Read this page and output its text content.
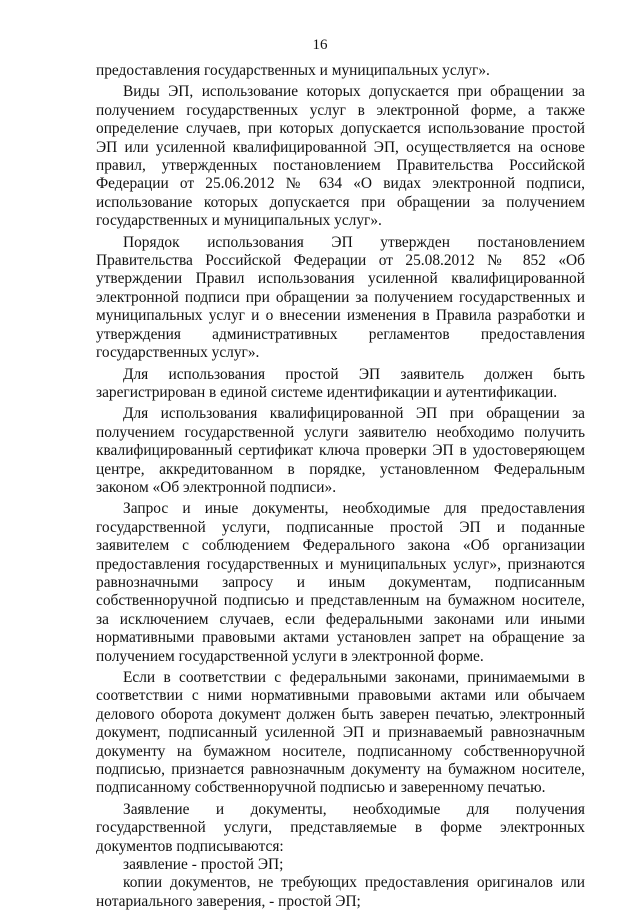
16

предоставления государственных и муниципальных услуг».

Виды ЭП, использование которых допускается при обращении за получением государственных услуг в электронной форме, а также определение случаев, при которых допускается использование простой ЭП или усиленной квалифицированной ЭП, осуществляется на основе правил, утвержденных постановлением Правительства Российской Федерации от 25.06.2012 № 634 «О видах электронной подписи, использование которых допускается при обращении за получением государственных и муниципальных услуг».

Порядок использования ЭП утвержден постановлением Правительства Российской Федерации от 25.08.2012 № 852 «Об утверждении Правил использования усиленной квалифицированной электронной подписи при обращении за получением государственных и муниципальных услуг и о внесении изменения в Правила разработки и утверждения административных регламентов предоставления государственных услуг».

Для использования простой ЭП заявитель должен быть зарегистрирован в единой системе идентификации и аутентификации.

Для использования квалифицированной ЭП при обращении за получением государственной услуги заявителю необходимо получить квалифицированный сертификат ключа проверки ЭП в удостоверяющем центре, аккредитованном в порядке, установленном Федеральным законом «Об электронной подписи».

Запрос и иные документы, необходимые для предоставления государственной услуги, подписанные простой ЭП и поданные заявителем с соблюдением Федерального закона «Об организации предоставления государственных и муниципальных услуг», признаются равнозначными запросу и иным документам, подписанным собственноручной подписью и представленным на бумажном носителе, за исключением случаев, если федеральными законами или иными нормативными правовыми актами установлен запрет на обращение за получением государственной услуги в электронной форме.

Если в соответствии с федеральными законами, принимаемыми в соответствии с ними нормативными правовыми актами или обычаем делового оборота документ должен быть заверен печатью, электронный документ, подписанный усиленной ЭП и признаваемый равнозначным документу на бумажном носителе, подписанному собственноручной подписью, признается равнозначным документу на бумажном носителе, подписанному собственноручной подписью и заверенному печатью.

Заявление и документы, необходимые для получения государственной услуги, представляемые в форме электронных документов подписываются:

заявление - простой ЭП;

копии документов, не требующих предоставления оригиналов или нотариального заверения, - простой ЭП;
